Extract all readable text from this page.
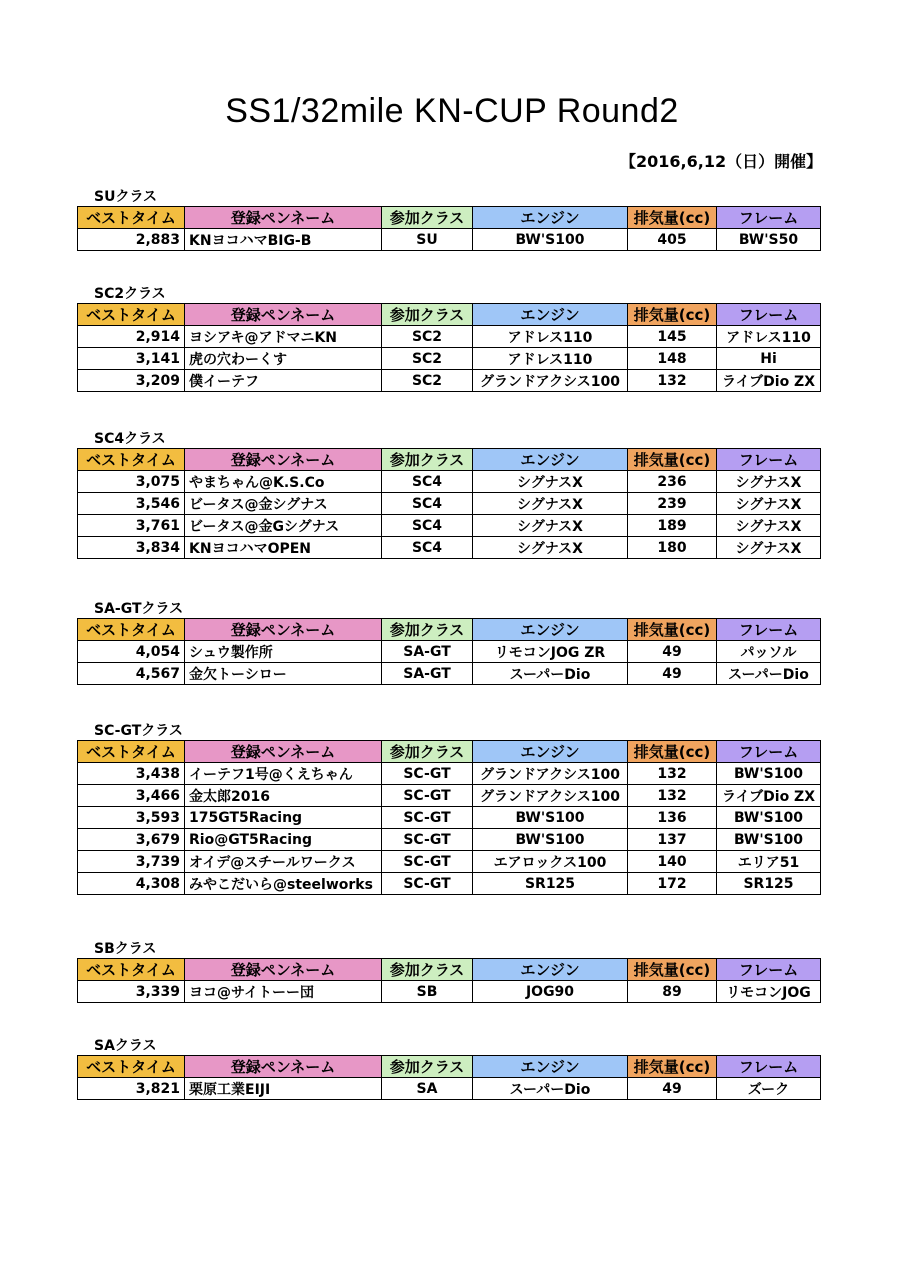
SS1/32mile KN-CUP Round2
【2016,6,12（日）開催】
SUクラス
ベストタイム	登録ペンネーム	参加クラス	エンジン	排気量(cc)	フレーム
2,883	KNヨコハマBIG-B	SU	BW'S100	405	BW'S50
SC2クラス
ベストタイム	登録ペンネーム	参加クラス	エンジン	排気量(cc)	フレーム
2,914	ヨシアキ@アドマニKN	SC2	アドレス110	145	アドレス110
3,141	虎の穴わーくす	SC2	アドレス110	148	Hi
3,209	僕イーテフ	SC2	グランドアクシス100	132	ライブDio ZX
SC4クラス
ベストタイム	登録ペンネーム	参加クラス	エンジン	排気量(cc)	フレーム
3,075	やまちゃん@K.S.Co	SC4	シグナスX	236	シグナスX
3,546	ビータス@金シグナス	SC4	シグナスX	239	シグナスX
3,761	ビータス@金Gシグナス	SC4	シグナスX	189	シグナスX
3,834	KNヨコハマOPEN	SC4	シグナスX	180	シグナスX
SA-GTクラス
ベストタイム	登録ペンネーム	参加クラス	エンジン	排気量(cc)	フレーム
4,054	シュウ製作所	SA-GT	リモコンJOG ZR	49	パッソル
4,567	金欠トーシロー	SA-GT	スーパーDio	49	スーパーDio
SC-GTクラス
ベストタイム	登録ペンネーム	参加クラス	エンジン	排気量(cc)	フレーム
3,438	イーテフ1号@くえちゃん	SC-GT	グランドアクシス100	132	BW'S100
3,466	金太郎2016	SC-GT	グランドアクシス100	132	ライブDio ZX
3,593	175GT5Racing	SC-GT	BW'S100	136	BW'S100
3,679	Rio@GT5Racing	SC-GT	BW'S100	137	BW'S100
3,739	オイデ@スチールワークス	SC-GT	エアロックス100	140	エリア51
4,308	みやこだいら@steelworks	SC-GT	SR125	172	SR125
SBクラス
ベストタイム	登録ペンネーム	参加クラス	エンジン	排気量(cc)	フレーム
3,339	ヨコ@サイトーー団	SB	JOG90	89	リモコンJOG
SAクラス
ベストタイム	登録ペンネーム	参加クラス	エンジン	排気量(cc)	フレーム
3,821	栗原工業EIJI	SA	スーパーDio	49	ズーク
